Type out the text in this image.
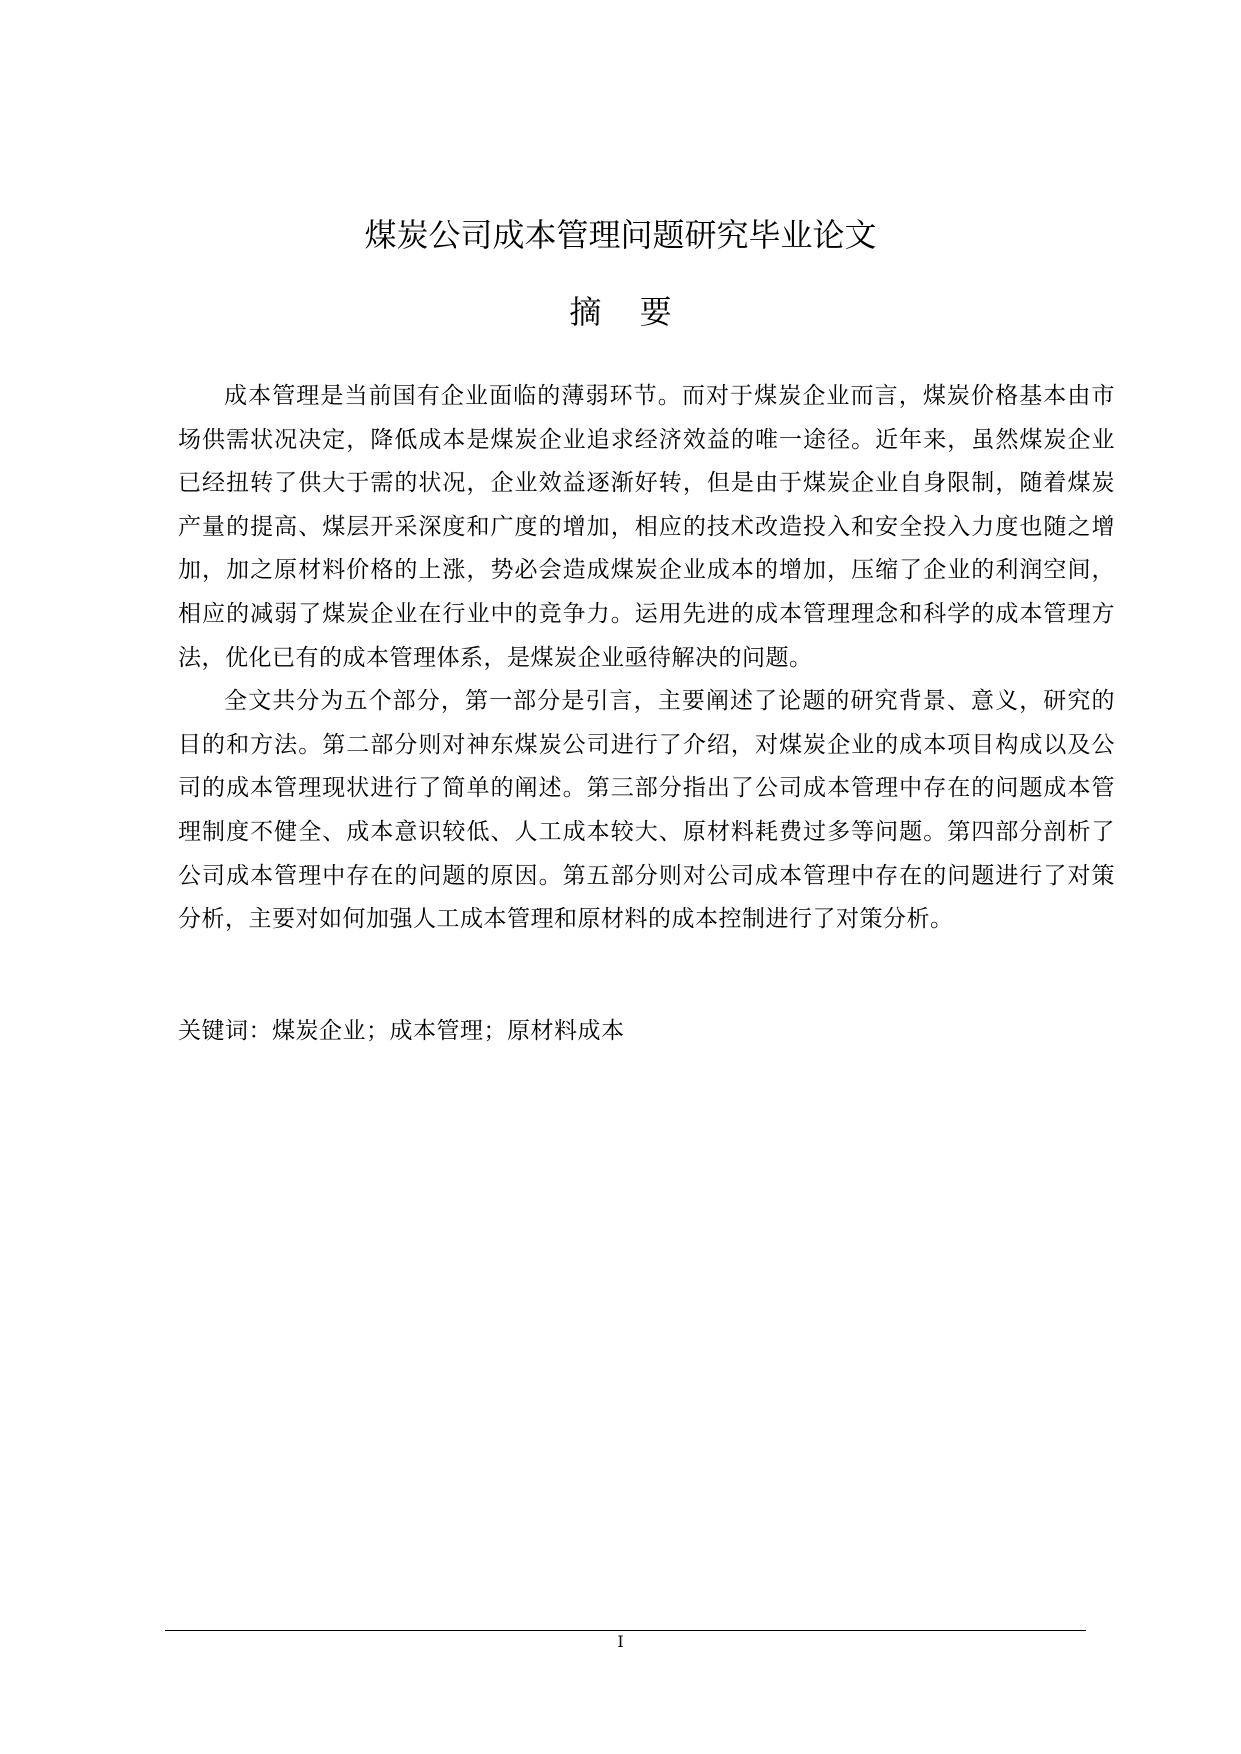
煤炭公司成本管理问题研究毕业论文
摘 要

成本管理是当前国有企业面临的薄弱环节。而对于煤炭企业而言，煤炭价格基本由市场供需状况决定，降低成本是煤炭企业追求经济效益的唯一途径。近年来，虽然煤炭企业已经扭转了供大于需的状况，企业效益逐渐好转，但是由于煤炭企业自身限制，随着煤炭产量的提高、煤层开采深度和广度的增加，相应的技术改造投入和安全投入力度也随之增加，加之原材料价格的上涨，势必会造成煤炭企业成本的增加，压缩了企业的利润空间，相应的减弱了煤炭企业在行业中的竞争力。运用先进的成本管理理念和科学的成本管理方法，优化已有的成本管理体系，是煤炭企业亟待解决的问题。

全文共分为五个部分，第一部分是引言，主要阐述了论题的研究背景、意义，研究的目的和方法。第二部分则对神东煤炭公司进行了介绍，对煤炭企业的成本项目构成以及公司的成本管理现状进行了简单的阐述。第三部分指出了公司成本管理中存在的问题成本管理制度不健全、成本意识较低、人工成本较大、原材料耗费过多等问题。第四部分剖析了公司成本管理中存在的问题的原因。第五部分则对公司成本管理中存在的问题进行了对策分析，主要对如何加强人工成本管理和原材料的成本控制进行了对策分析。

关键词：煤炭企业；成本管理；原材料成本
I
